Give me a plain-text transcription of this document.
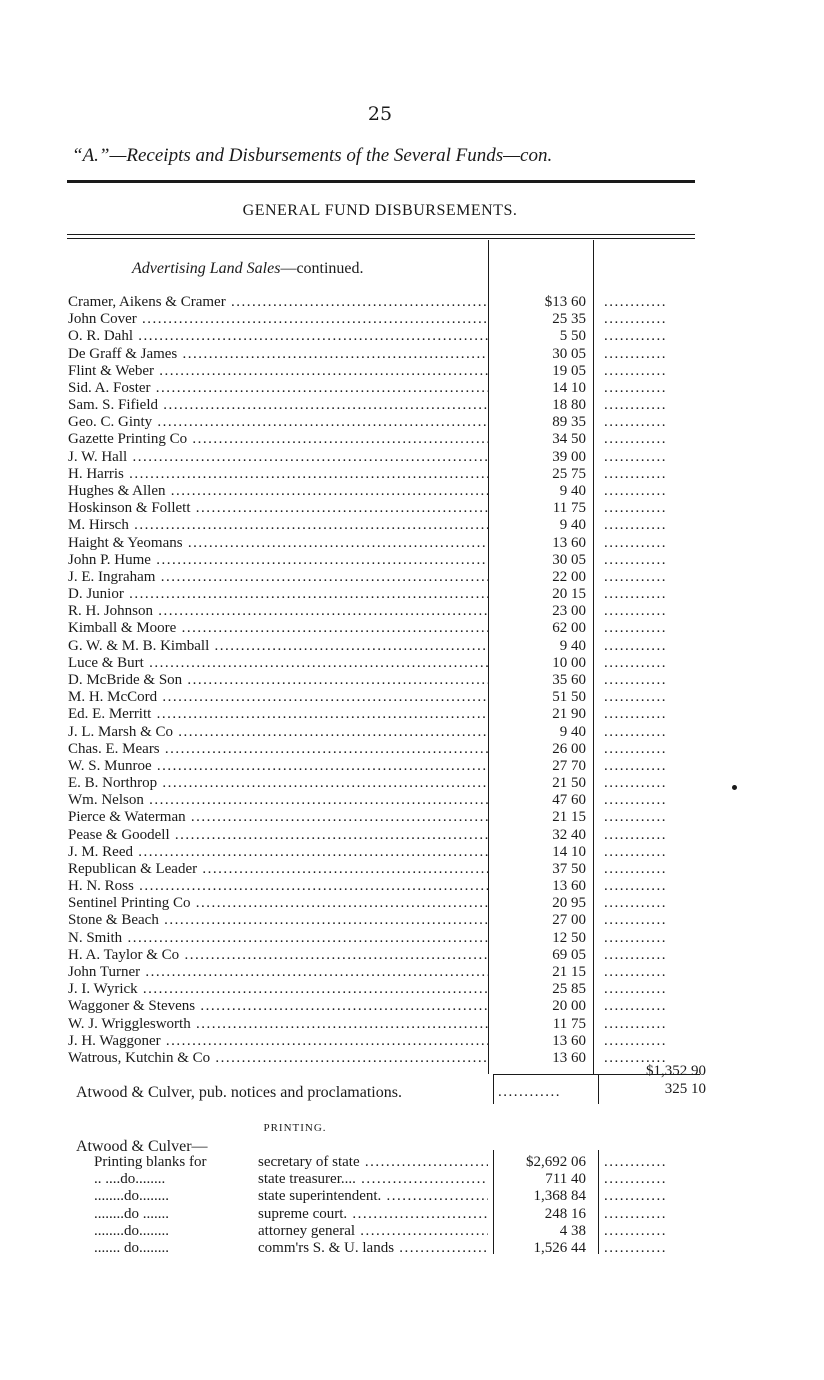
25
“A.”—Receipts and Disbursements of the Several Funds—con.
GENERAL FUND DISBURSEMENTS.
Advertising Land Sales—continued.
Cramer, Aikens & Cramer .....	$13 60 ............
John Cover .....	25 35 ............
O. R. Dahl .....	5 50 ............
De Graff & James .....	30 05 ............
Flint & Weber .....	19 05 ............
Sid. A. Foster .....	14 10 ............
Sam. S. Fifield .....	18 80 ............
Geo. C. Ginty .....	89 35 ............
Gazette Printing Co .....	34 50 ............
J. W. Hall .....	39 00 ............
H. Harris .....	25 75 ............
Hughes & Allen .....	9 40 ............
Hoskinson & Follett .....	11 75 ............
M. Hirsch .....	9 40 ............
Haight & Yeomans .....	13 60 ............
John P. Hume .....	30 05 ............
J. E. Ingraham .....	22 00 ............
D. Junior .....	20 15 ............
R. H. Johnson .....	23 00 ............
Kimball & Moore .....	62 00 ............
G. W. & M. B. Kimball .....	9 40 ............
Luce & Burt .....	10 00 ............
D. McBride & Son .....	35 60 ............
M. H. McCord .....	51 50 ............
Ed. E. Merritt .....	21 90 ............
J. L. Marsh & Co .....	9 40 ............
Chas. E. Mears .....	26 00 ............
W. S. Munroe .....	27 70 ............
E. B. Northrop .....	21 50 ............
Wm. Nelson .....	47 60 ............
Pierce & Waterman .....	21 15 ............
Pease & Goodell .....	32 40 ............
J. M. Reed .....	14 10 ............
Republican & Leader .....	37 50 ............
H. N. Ross .....	13 60 ............
Sentinel Printing Co .....	20 95 ............
Stone & Beach .....	27 00 ............
N. Smith .....	12 50 ............
H. A. Taylor & Co .....	69 05 ............
John Turner .....	21 15 ............
J. I. Wyrick .....	25 85 ............
Waggoner & Stevens .....	20 00 ............
W. J. Wrigglesworth .....	11 75 ............
J. H. Waggoner .....	13 60 ............
Watrous, Kutchin & Co .....	13 60 ............
$1,352 90
Atwood & Culver, pub. notices and proclamations.	............	325 10
PRINTING.
Atwood & Culver—
Printing blanks for	secretary of state .....	$2,692 06 ............
.. ....do........	state treasurer.... .....	711 40 ............
........do........	state superintendent. .....	1,368 84 ............
........do .......	supreme court. .....	248 16 ............
........do........	attorney general .....	4 38 ............
....... do........	comm'rs S. & U. lands .....	1,526 44 ............
